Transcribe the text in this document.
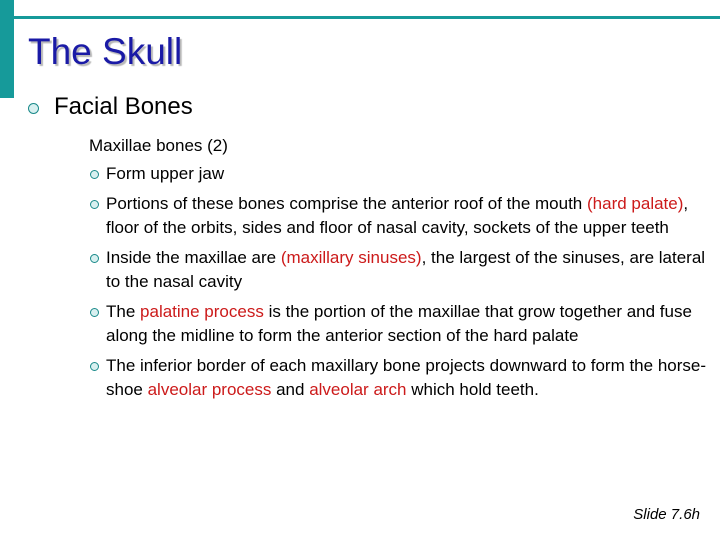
The Skull
Facial Bones
Maxillae bones (2)
Form upper jaw
Portions of these bones comprise the anterior roof of the mouth (hard palate), floor of the orbits, sides and floor of nasal cavity, sockets of the upper teeth
Inside the maxillae are (maxillary sinuses), the largest of the sinuses, are lateral to the nasal cavity
The palatine process is the portion of the maxillae that grow together and fuse along the midline to form the anterior section of the hard palate
The inferior border of each maxillary bone projects downward to form the horse-shoe alveolar process and alveolar arch which hold teeth.
Slide 7.6h
